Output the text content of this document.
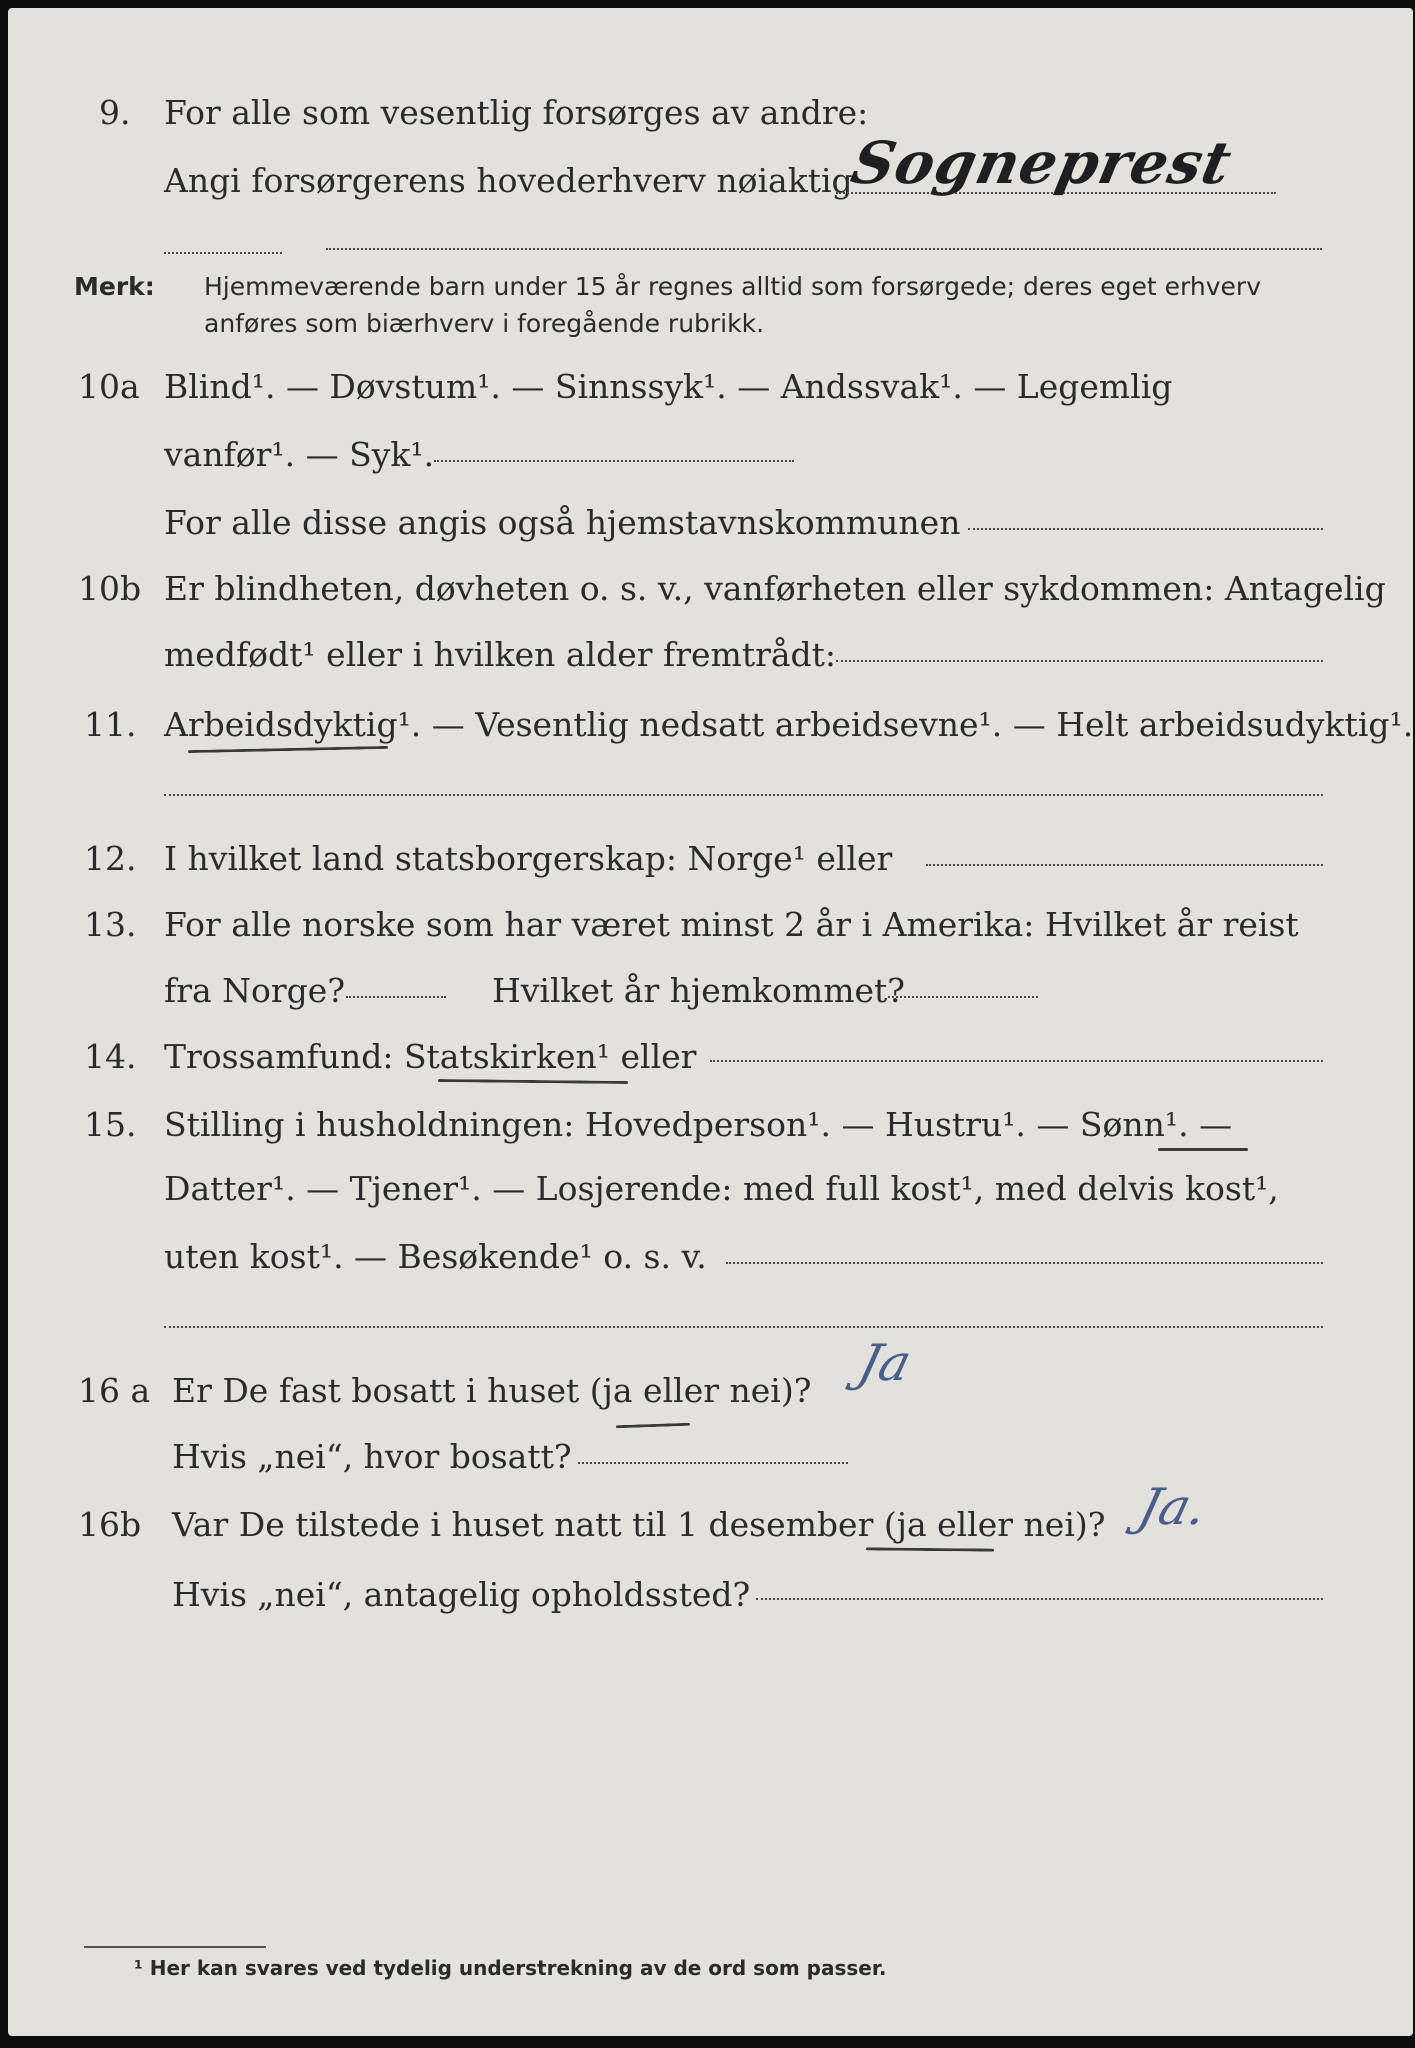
9. For alle som vesentlig forsørges av andre:
Angi forsørgerens hovederhverv nøiaktig
Sogneprest
Merk: Hjemmeværende barn under 15 år regnes alltid som forsørgede; deres eget erhverv
anføres som biærhverv i foregående rubrikk.
10a Blind¹. — Døvstum¹. — Sinnssyk¹. — Andssvak¹. — Legemlig
vanfør¹. — Syk¹.
For alle disse angis også hjemstavnskommunen
10b Er blindheten, døvheten o. s. v., vanførheten eller sykdommen: Antagelig
medfødt¹ eller i hvilken alder fremtrådt:
11. Arbeidsdyktig¹. — Vesentlig nedsatt arbeidsevne¹. — Helt arbeidsudyktig¹.
12. I hvilket land statsborgerskap: Norge¹ eller
13. For alle norske som har været minst 2 år i Amerika: Hvilket år reist
fra Norge?	Hvilket år hjemkommet?
14. Trossamfund: Statskirken¹ eller
15. Stilling i husholdningen: Hovedperson¹. — Hustru¹. — Sønn¹. —
Datter¹. — Tjener¹. — Losjerende: med full kost¹, med delvis kost¹,
uten kost¹. — Besøkende¹ o. s. v.
16 a Er De fast bosatt i huset (ja eller nei)? Ja
Hvis „nei“, hvor bosatt?
16b Var De tilstede i huset natt til 1 desember (ja eller nei)? Ja.
Hvis „nei“, antagelig opholdssted?
¹ Her kan svares ved tydelig understrekning av de ord som passer.
